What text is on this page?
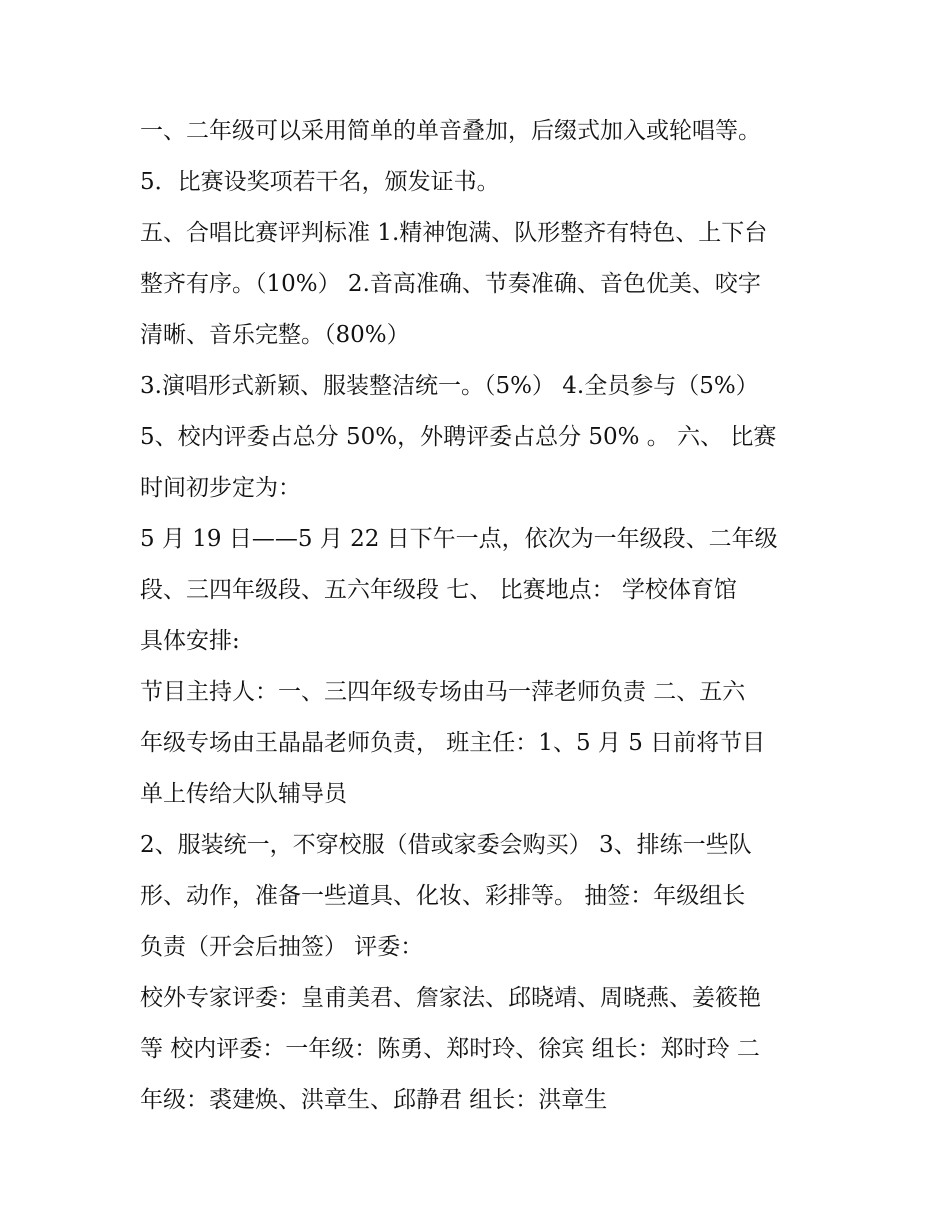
一、二年级可以采用简单的单音叠加，后缀式加入或轮唱等。

5．比赛设奖项若干名，颁发证书。

五、合唱比赛评判标准 1.精神饱满、队形整齐有特色、上下台
整齐有序。（10%） 2.音高准确、节奏准确、音色优美、咬字
清晰、音乐完整。（80%）

3.演唱形式新颖、服装整洁统一。（5%） 4.全员参与（5%）
5、校内评委占总分 50%，外聘评委占总分 50% 。 六、 比赛
时间初步定为：

5 月 19 日——5 月 22 日下午一点，依次为一年级段、二年级
段、三四年级段、五六年级段 七、 比赛地点： 学校体育馆
具体安排:

节目主持人：一、三四年级专场由马一萍老师负责 二、五六
年级专场由王晶晶老师负责， 班主任：1、5 月 5 日前将节目
单上传给大队辅导员

2、服装统一，不穿校服（借或家委会购买） 3、排练一些队
形、动作，准备一些道具、化妆、彩排等。 抽签：年级组长
负责（开会后抽签） 评委：

校外专家评委：皇甫美君、詹家法、邱晓靖、周晓燕、姜筱艳
等 校内评委：一年级：陈勇、郑时玲、徐宾 组长：郑时玲 二
年级：裘建焕、洪章生、邱静君 组长：洪章生
